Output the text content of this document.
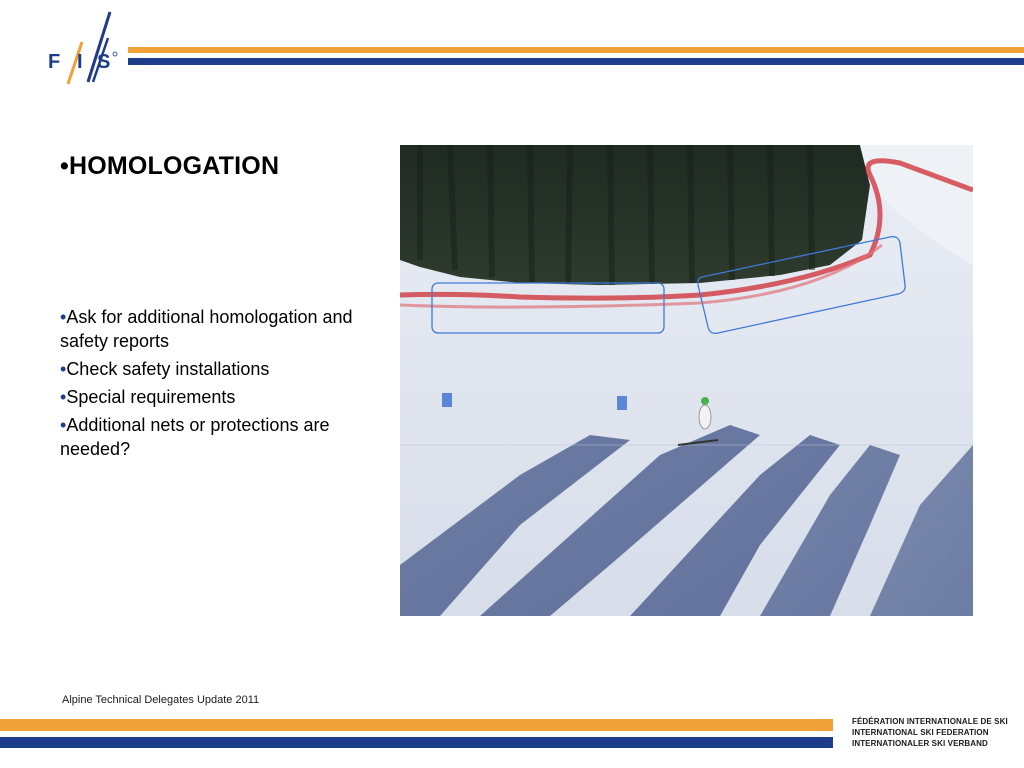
F I S
•HOMOLOGATION
•Ask for additional homologation and safety reports
•Check safety installations
•Special requirements
•Additional nets or protections are needed?
Alpine Technical Delegates Update 2011
FÉDÉRATION INTERNATIONALE DE SKI
INTERNATIONAL SKI FEDERATION
INTERNATIONALER SKI VERBAND
